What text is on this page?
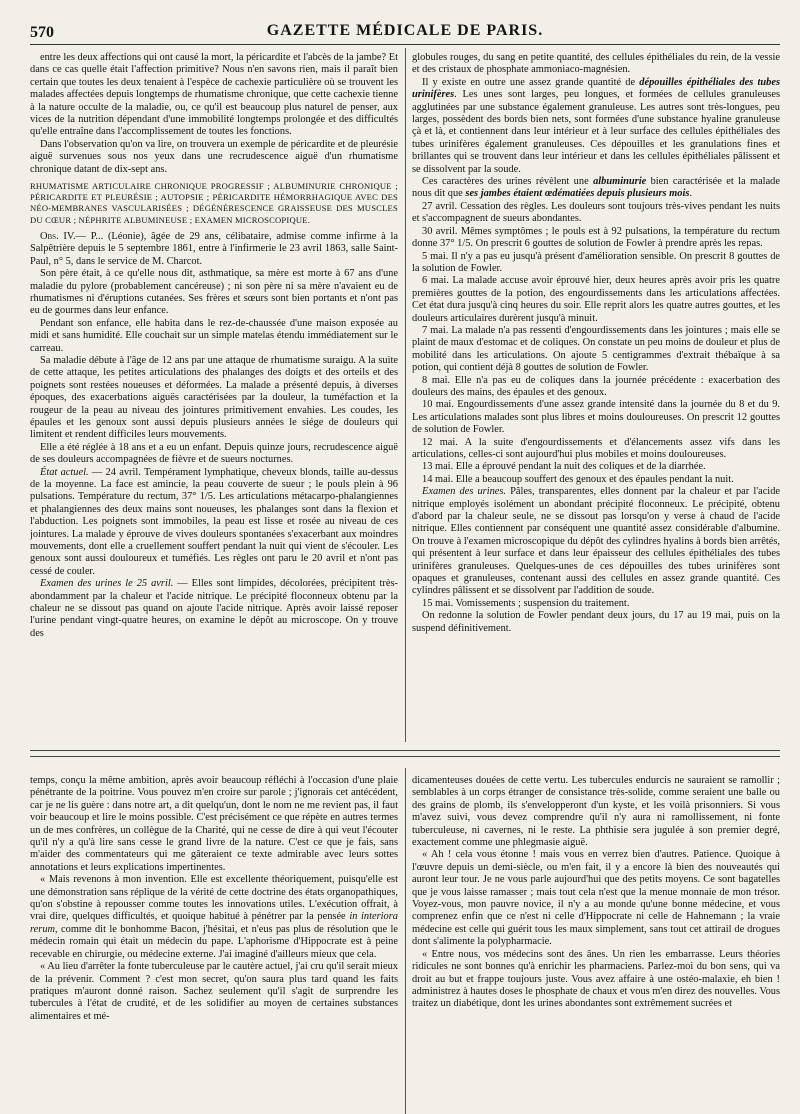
570	GAZETTE MÉDICALE DE PARIS.

entre les deux affections qui ont causé la mort, la péricardite et l'abcès de la jambe? Et dans ce cas quelle était l'affection primitive? Nous n'en savons rien, mais il paraît bien certain que toutes les deux tenaient à l'espèce de cachexie particulière où se trouvent les malades affectées depuis longtemps de rhumatisme chronique, que cette cachexie tienne à la nature occulte de la maladie, ou, ce qu'il est beaucoup plus naturel de penser, aux vices de la nutrition dépendant d'une immobilité longtemps prolongée et des difficultés qu'elle entraîne dans l'accomplissement de toutes les fonctions.

Dans l'observation qu'on va lire, on trouvera un exemple de péricardite et de pleurésie aiguë survenues sous nos yeux dans une recrudescence aiguë d'un rhumatisme chronique datant de dix-sept ans.

RHUMATISME ARTICULAIRE CHRONIQUE PROGRESSIF ; ALBUMINURIE CHRONIQUE ; PÉRICARDITE ET PLEURÉSIE ; AUTOPSIE ; PÉRICARDITE HÉMORRHAGIQUE AVEC DES NÉO-MEMBRANES VASCULARISÉES ; DÉGÉNÉRESCENCE GRAISSEUSE DES MUSCLES DU CŒUR ; NÉPHRITE ALBUMINEUSE ; EXAMEN MICROSCOPIQUE.

Obs. IV.— P... (Léonie), âgée de 29 ans, célibataire, admise comme infirme à la Salpêtrière depuis le 5 septembre 1861, entre à l'infirmerie le 23 avril 1863, salle Saint-Paul, n° 5, dans le service de M. Charcot.

Son père était, à ce qu'elle nous dit, asthmatique, sa mère est morte à 67 ans d'une maladie du pylore (probablement cancéreuse) ; ni son père ni sa mère n'avaient eu de rhumatismes ni d'éruptions cutanées. Ses frères et sœurs sont bien portants et n'ont pas eu de gourmes dans leur enfance.

Pendant son enfance, elle habita dans le rez-de-chaussée d'une maison exposée au midi et sans humidité. Elle couchait sur un simple matelas étendu immédiatement sur le carreau.

Sa maladie débute à l'âge de 12 ans par une attaque de rhumatisme suraigu. A la suite de cette attaque, les petites articulations des phalanges des doigts et des orteils et des poignets sont restées noueuses et déformées. La malade a présenté depuis, à diverses époques, des exacerbations aiguës caractérisées par la douleur, la tuméfaction et la rougeur de la peau au niveau des jointures primitivement envahies. Les coudes, les épaules et les genoux sont aussi depuis plusieurs années le siége de douleurs qui limitent et rendent difficiles leurs mouvements.

Elle a été réglée à 18 ans et a eu un enfant. Depuis quinze jours, recrudescence aiguë de ses douleurs accompagnées de fièvre et de sueurs nocturnes.

État actuel. — 24 avril. Tempérament lymphatique, cheveux blonds, taille au-dessus de la moyenne. La face est amincie, la peau couverte de sueur ; le pouls plein à 96 pulsations. Température du rectum, 37° 1/5. Les articulations métacarpo-phalangiennes et phalangiennes des deux mains sont noueuses, les phalanges sont dans la flexion et l'abduction. Les poignets sont immobiles, la peau est lisse et rosée au niveau de ces jointures. La malade y éprouve de vives douleurs spontanées s'exacerbant aux moindres mouvements, dont elle a cruellement souffert pendant la nuit qui vient de s'écouler. Les genoux sont aussi douloureux et tuméfiés. Les règles ont paru le 20 avril et n'ont pas cessé de couler.

Examen des urines le 25 avril. — Elles sont limpides, décolorées, précipitent très-abondamment par la chaleur et l'acide nitrique. Le précipité floconneux obtenu par la chaleur ne se dissout pas quand on ajoute l'acide nitrique. Après avoir laissé reposer l'urine pendant vingt-quatre heures, on examine le dépôt au microscope. On y trouve des

globules rouges, du sang en petite quantité, des cellules épithéliales du rein, de la vessie et des cristaux de phosphate ammoniaco-magnésien.

Il y existe en outre une assez grande quantité de dépouilles épithéliales des tubes urinifères. Les unes sont larges, peu longues, et formées de cellules granuleuses agglutinées par une substance également granuleuse. Les autres sont très-longues, peu larges, possèdent des bords bien nets, sont formées d'une substance hyaline granuleuse çà et là, et contiennent dans leur intérieur et à leur surface des cellules épithéliales des tubes urinifères également granuleuses. Ces dépouilles et les granulations fines et brillantes qui se trouvent dans leur intérieur et dans les cellules épithéliales pâlissent et se dissolvent par la soude.

Ces caractères des urines révèlent une albuminurie bien caractérisée et la malade nous dit que ses jambes étaient œdématiées depuis plusieurs mois.

27 avril. Cessation des règles. Les douleurs sont toujours très-vives pendant les nuits et s'accompagnent de sueurs abondantes.

30 avril. Mêmes symptômes ; le pouls est à 92 pulsations, la température du rectum donne 37° 1/5. On prescrit 6 gouttes de solution de Fowler à prendre après les repas.

5 mai. Il n'y a pas eu jusqu'à présent d'amélioration sensible. On prescrit 8 gouttes de la solution de Fowler.

6 mai. La malade accuse avoir éprouvé hier, deux heures après avoir pris les quatre premières gouttes de la potion, des engourdissements dans les articulations affectées. Cet état dura jusqu'à cinq heures du soir. Elle reprit alors les quatre autres gouttes, et les douleurs articulaires durèrent jusqu'à minuit.

7 mai. La malade n'a pas ressenti d'engourdissements dans les jointures ; mais elle se plaint de maux d'estomac et de coliques. On constate un peu moins de douleur et plus de mobilité dans les articulations. On ajoute 5 centigrammes d'extrait thébaïque à sa potion, qui contient déjà 8 gouttes de solution de Fowler.

8 mai. Elle n'a pas eu de coliques dans la journée précédente : exacerbation des douleurs des mains, des épaules et des genoux.

10 mai. Engourdissements d'une assez grande intensité dans la journée du 8 et du 9. Les articulations malades sont plus libres et moins douloureuses. On prescrit 12 gouttes de solution de Fowler.

12 mai. A la suite d'engourdissements et d'élancements assez vifs dans les articulations, celles-ci sont aujourd'hui plus mobiles et moins douloureuses.

13 mai. Elle a éprouvé pendant la nuit des coliques et de la diarrhée.

14 mai. Elle a beaucoup souffert des genoux et des épaules pendant la nuit.

Examen des urines. Pâles, transparentes, elles donnent par la chaleur et par l'acide nitrique employés isolément un abondant précipité floconneux. Le précipité, obtenu d'abord par la chaleur seule, ne se dissout pas lorsqu'on y verse à chaud de l'acide nitrique. Elles contiennent par conséquent une quantité assez considérable d'albumine. On trouve à l'examen microscopique du dépôt des cylindres hyalins à bords bien arrêtés, qui présentent à leur surface et dans leur épaisseur des cellules épithéliales des tubes urinifères granuleuses. Quelques-unes de ces dépouilles des tubes urinifères sont opaques et granuleuses, contenant aussi des cellules en assez grande quantité. Ces cylindres pâlissent et se dissolvent par l'addition de soude.

15 mai. Vomissements ; suspension du traitement.

On redonne la solution de Fowler pendant deux jours, du 17 au 19 mai, puis on la suspend définitivement.

temps, conçu la même ambition, après avoir beaucoup réfléchi à l'occasion d'une plaie pénétrante de la poitrine. Vous pouvez m'en croire sur parole ; j'ignorais cet antécédent, car je ne lis guère : dans notre art, a dit quelqu'un, dont le nom ne me revient pas, il faut voir beaucoup et lire le moins possible. C'est précisément ce que répète en autres termes un de mes confrères, un collègue de la Charité, qui ne cesse de dire à qui veut l'écouter qu'il n'y a qu'à lire sans cesse le grand livre de la nature. C'est ce que je fais, sans m'aider des commentateurs qui me gâteraient ce texte admirable avec leurs sottes annotations et leurs explications impertinentes.

« Mais revenons à mon invention. Elle est excellente théoriquement, puisqu'elle est une démonstration sans réplique de la vérité de cette doctrine des états organopathiques, qu'on s'obstine à repousser comme toutes les innovations utiles. L'exécution offrait, à vrai dire, quelques difficultés, et quoique habitué à pénétrer par la pensée in interiora rerum, comme dit le bonhomme Bacon, j'hésitai, et n'eus pas plus de résolution que le médecin romain qui était un médecin du pape. L'aphorisme d'Hippocrate est à peine recevable en chirurgie, ou médecine externe. J'ai imaginé d'ailleurs mieux que cela.

« Au lieu d'arrêter la fonte tuberculeuse par le cautère actuel, j'ai cru qu'il serait mieux de la prévenir. Comment ? c'est mon secret, qu'on saura plus tard quand les faits pratiques m'auront donné raison. Sachez seulement qu'il s'agit de surprendre les tubercules à l'état de crudité, et de les solidifier au moyen de certaines substances alimentaires et mé-

dicamenteuses douées de cette vertu. Les tubercules endurcis ne sauraient se ramollir ; semblables à un corps étranger de consistance très-solide, comme seraient une balle ou des grains de plomb, ils s'envelopperont d'un kyste, et les voilà prisonniers. Si vous m'avez suivi, vous devez comprendre qu'il n'y aura ni ramollissement, ni fonte tuberculeuse, ni cavernes, ni le reste. La phthisie sera jugulée à son premier degré, exactement comme une phlegmasie aiguë.

« Ah ! cela vous étonne ! mais vous en verrez bien d'autres. Patience. Quoique à l'œuvre depuis un demi-siècle, ou m'en fait, il y a encore là bien des nouveautés qui auront leur tour. Je ne vous parle aujourd'hui que des petits moyens. Ce sont bagatelles que je vous laisse ramasser ; mais tout cela n'est que la menue monnaie de mon trésor. Voyez-vous, mon pauvre novice, il n'y a au monde qu'une bonne médecine, et vous comprenez enfin que ce n'est ni celle d'Hippocrate ni celle de Hahnemann ; la vraie médecine est celle qui guérit tous les maux simplement, sans tout cet attirail de drogues dont s'alimente la polypharmacie.

« Entre nous, vos médecins sont des ânes. Un rien les embarrasse. Leurs théories ridicules ne sont bonnes qu'à enrichir les pharmaciens. Parlez-moi du bon sens, qui va droit au but et frappe toujours juste. Vous avez affaire à une ostéo-malaxie, eh bien ! administrez à hautes doses le phosphate de chaux et vous m'en direz des nouvelles. Vous traitez un diabétique, dont les urines abondantes sont extrêmement sucrées et
